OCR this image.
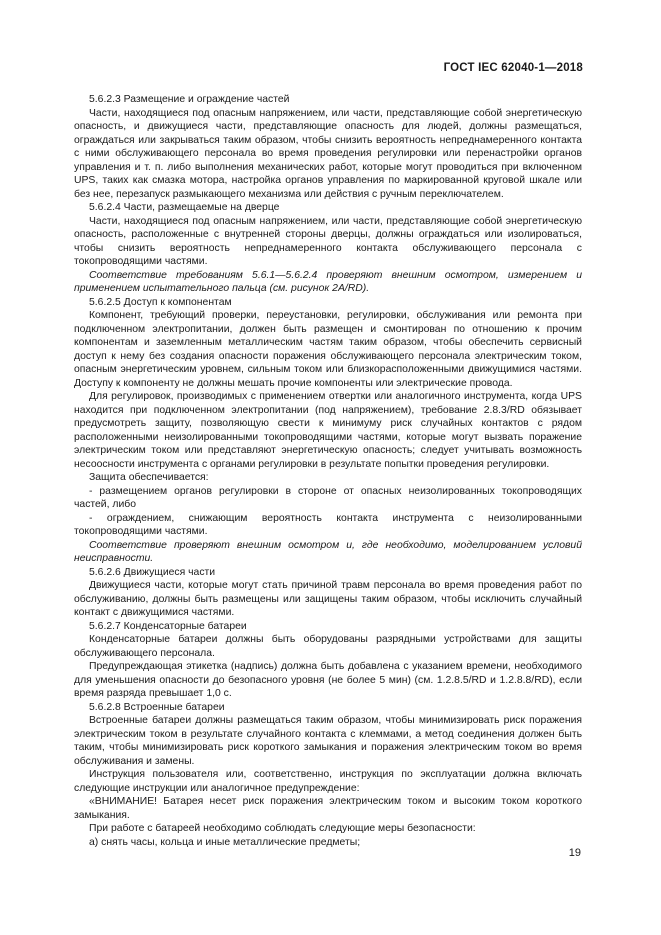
ГОСТ IEC 62040-1—2018

5.6.2.3 Размещение и ограждение частей

Части, находящиеся под опасным напряжением, или части, представляющие собой энергетическую опасность, и движущиеся части, представляющие опасность для людей, должны размещаться, ограждаться или закрываться таким образом, чтобы снизить вероятность непреднамеренного контакта с ними обслуживающего персонала во время проведения регулировки или перенастройки органов управления и т. п. либо выполнения механических работ, которые могут проводиться при включенном UPS, таких как смазка мотора, настройка органов управления по маркированной круговой шкале или без нее, перезапуск размыкающего механизма или действия с ручным переключателем.

5.6.2.4 Части, размещаемые на дверце

Части, находящиеся под опасным напряжением, или части, представляющие собой энергетическую опасность, расположенные с внутренней стороны дверцы, должны ограждаться или изолироваться, чтобы снизить вероятность непреднамеренного контакта обслуживающего персонала с токопроводящими частями.

Соответствие требованиям 5.6.1—5.6.2.4 проверяют внешним осмотром, измерением и применением испытательного пальца (см. рисунок 2A/RD).

5.6.2.5 Доступ к компонентам

Компонент, требующий проверки, переустановки, регулировки, обслуживания или ремонта при подключенном электропитании, должен быть размещен и смонтирован по отношению к прочим компонентам и заземленным металлическим частям таким образом, чтобы обеспечить сервисный доступ к нему без создания опасности поражения обслуживающего персонала электрическим током, опасным энергетическим уровнем, сильным током или близкорасположенными движущимися частями. Доступу к компоненту не должны мешать прочие компоненты или электрические провода.

Для регулировок, производимых с применением отвертки или аналогичного инструмента, когда UPS находится при подключенном электропитании (под напряжением), требование 2.8.3/RD обязывает предусмотреть защиту, позволяющую свести к минимуму риск случайных контактов с рядом расположенными неизолированными токопроводящими частями, которые могут вызвать поражение электрическим током или представляют энергетическую опасность; следует учитывать возможность несоосности инструмента с органами регулировки в результате попытки проведения регулировки.

Защита обеспечивается:

- размещением органов регулировки в стороне от опасных неизолированных токопроводящих частей, либо

- ограждением, снижающим вероятность контакта инструмента с неизолированными токопроводящими частями.

Соответствие проверяют внешним осмотром и, где необходимо, моделированием условий неисправности.

5.6.2.6 Движущиеся части

Движущиеся части, которые могут стать причиной травм персонала во время проведения работ по обслуживанию, должны быть размещены или защищены таким образом, чтобы исключить случайный контакт с движущимися частями.

5.6.2.7 Конденсаторные батареи

Конденсаторные батареи должны быть оборудованы разрядными устройствами для защиты обслуживающего персонала.

Предупреждающая этикетка (надпись) должна быть добавлена с указанием времени, необходимого для уменьшения опасности до безопасного уровня (не более 5 мин) (см. 1.2.8.5/RD и 1.2.8.8/RD), если время разряда превышает 1,0 с.

5.6.2.8 Встроенные батареи

Встроенные батареи должны размещаться таким образом, чтобы минимизировать риск поражения электрическим током в результате случайного контакта с клеммами, а метод соединения должен быть таким, чтобы минимизировать риск короткого замыкания и поражения электрическим током во время обслуживания и замены.

Инструкция пользователя или, соответственно, инструкция по эксплуатации должна включать следующие инструкции или аналогичное предупреждение:

«ВНИМАНИЕ! Батарея несет риск поражения электрическим током и высоким током короткого замыкания.

При работе с батареей необходимо соблюдать следующие меры безопасности:

а) снять часы, кольца и иные металлические предметы;

19
